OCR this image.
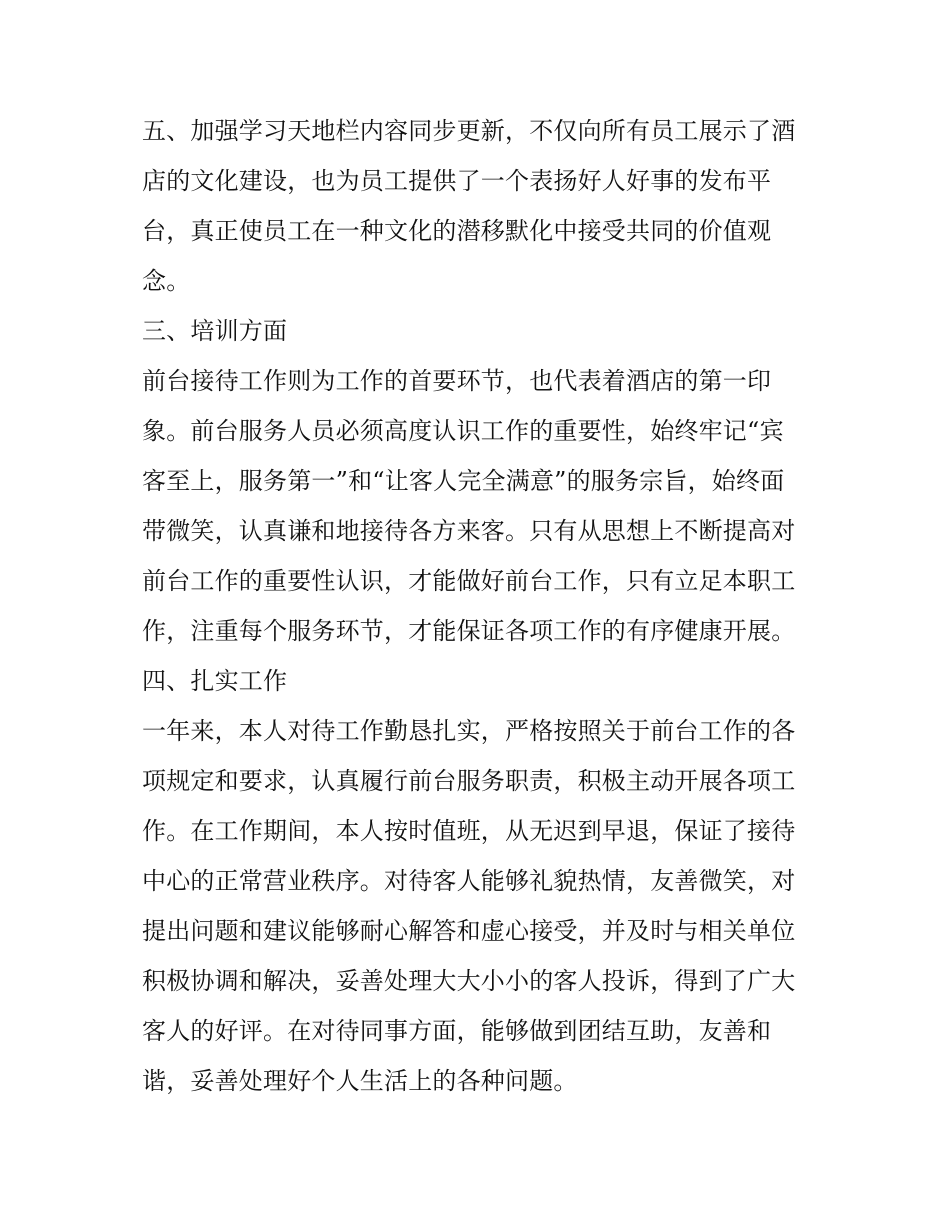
五、加强学习天地栏内容同步更新，不仅向所有员工展示了酒
店的文化建设，也为员工提供了一个表扬好人好事的发布平
台，真正使员工在一种文化的潜移默化中接受共同的价值观
念。
三、培训方面
前台接待工作则为工作的首要环节，也代表着酒店的第一印
象。前台服务人员必须高度认识工作的重要性，始终牢记“宾
客至上，服务第一”和“让客人完全满意”的服务宗旨，始终面
带微笑，认真谦和地接待各方来客。只有从思想上不断提高对
前台工作的重要性认识，才能做好前台工作，只有立足本职工
作，注重每个服务环节，才能保证各项工作的有序健康开展。
四、扎实工作
一年来，本人对待工作勤恳扎实，严格按照关于前台工作的各
项规定和要求，认真履行前台服务职责，积极主动开展各项工
作。在工作期间，本人按时值班，从无迟到早退，保证了接待
中心的正常营业秩序。对待客人能够礼貌热情，友善微笑，对
提出问题和建议能够耐心解答和虚心接受，并及时与相关单位
积极协调和解决，妥善处理大大小小的客人投诉，得到了广大
客人的好评。在对待同事方面，能够做到团结互助，友善和
谐，妥善处理好个人生活上的各种问题。
